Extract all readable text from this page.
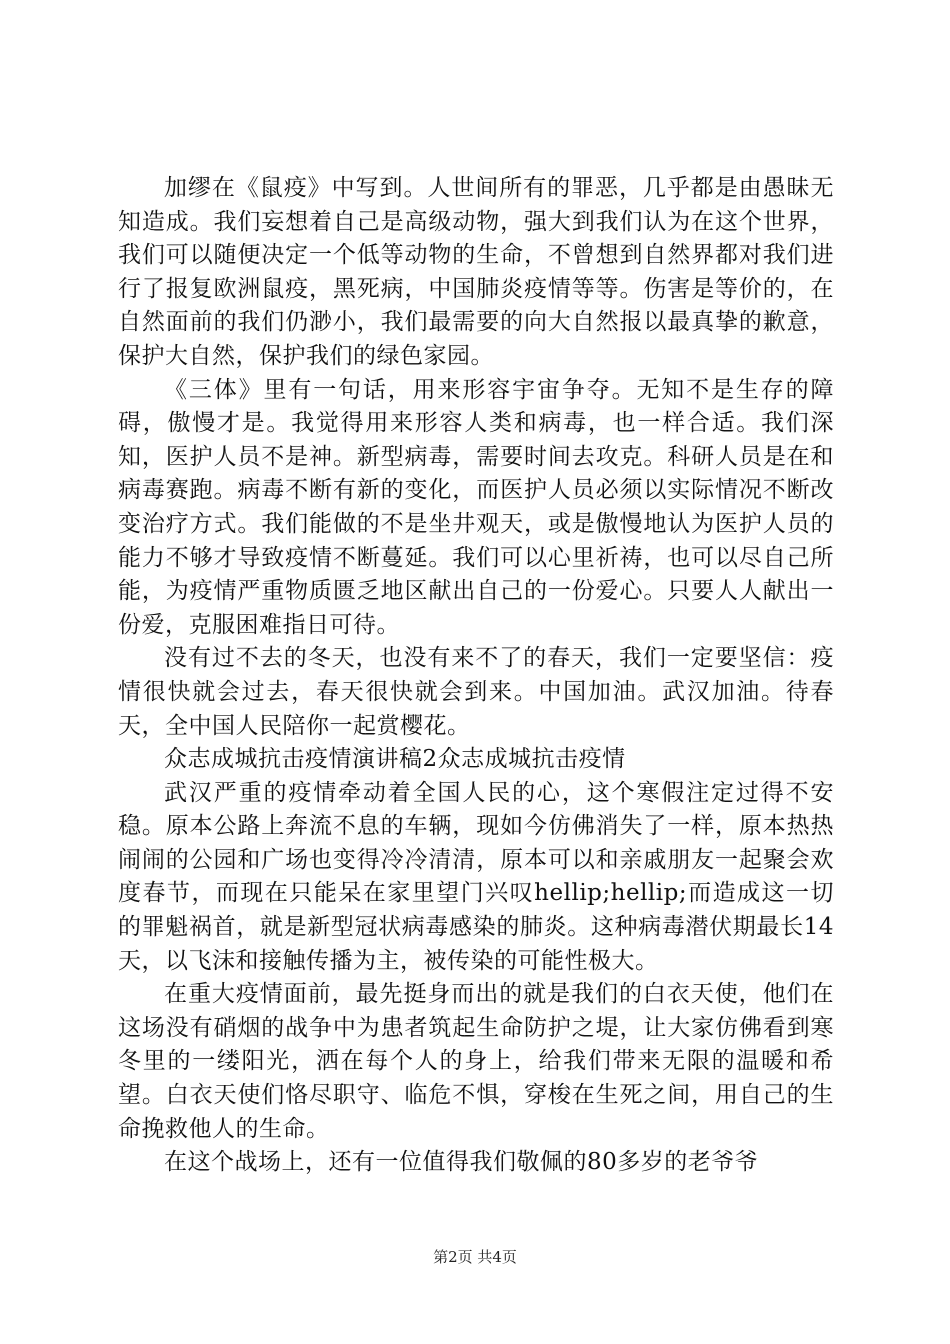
加缪在《鼠疫》中写到。人世间所有的罪恶，几乎都是由愚昧无知造成。我们妄想着自己是高级动物，强大到我们认为在这个世界，我们可以随便决定一个低等动物的生命，不曾想到自然界都对我们进行了报复欧洲鼠疫，黑死病，中国肺炎疫情等等。伤害是等价的，在自然面前的我们仍渺小，我们最需要的向大自然报以最真挚的歉意，保护大自然，保护我们的绿色家园。

《三体》里有一句话，用来形容宇宙争夺。无知不是生存的障碍，傲慢才是。我觉得用来形容人类和病毒，也一样合适。我们深知，医护人员不是神。新型病毒，需要时间去攻克。科研人员是在和病毒赛跑。病毒不断有新的变化，而医护人员必须以实际情况不断改变治疗方式。我们能做的不是坐井观天，或是傲慢地认为医护人员的能力不够才导致疫情不断蔓延。我们可以心里祈祷，也可以尽自己所能，为疫情严重物质匮乏地区献出自己的一份爱心。只要人人献出一份爱，克服困难指日可待。

没有过不去的冬天，也没有来不了的春天，我们一定要坚信：疫情很快就会过去，春天很快就会到来。中国加油。武汉加油。待春天，全中国人民陪你一起赏樱花。

众志成城抗击疫情演讲稿2众志成城抗击疫情

武汉严重的疫情牵动着全国人民的心，这个寒假注定过得不安稳。原本公路上奔流不息的车辆，现如今仿佛消失了一样，原本热热闹闹的公园和广场也变得冷冷清清，原本可以和亲戚朋友一起聚会欢度春节，而现在只能呆在家里望门兴叹hellip;hellip;而造成这一切的罪魁祸首，就是新型冠状病毒感染的肺炎。这种病毒潜伏期最长14天，以飞沫和接触传播为主，被传染的可能性极大。

在重大疫情面前，最先挺身而出的就是我们的白衣天使，他们在这场没有硝烟的战争中为患者筑起生命防护之堤，让大家仿佛看到寒冬里的一缕阳光，洒在每个人的身上，给我们带来无限的温暖和希望。白衣天使们恪尽职守、临危不惧，穿梭在生死之间，用自己的生命挽救他人的生命。

在这个战场上，还有一位值得我们敬佩的80多岁的老爷爷

第2页 共4页
